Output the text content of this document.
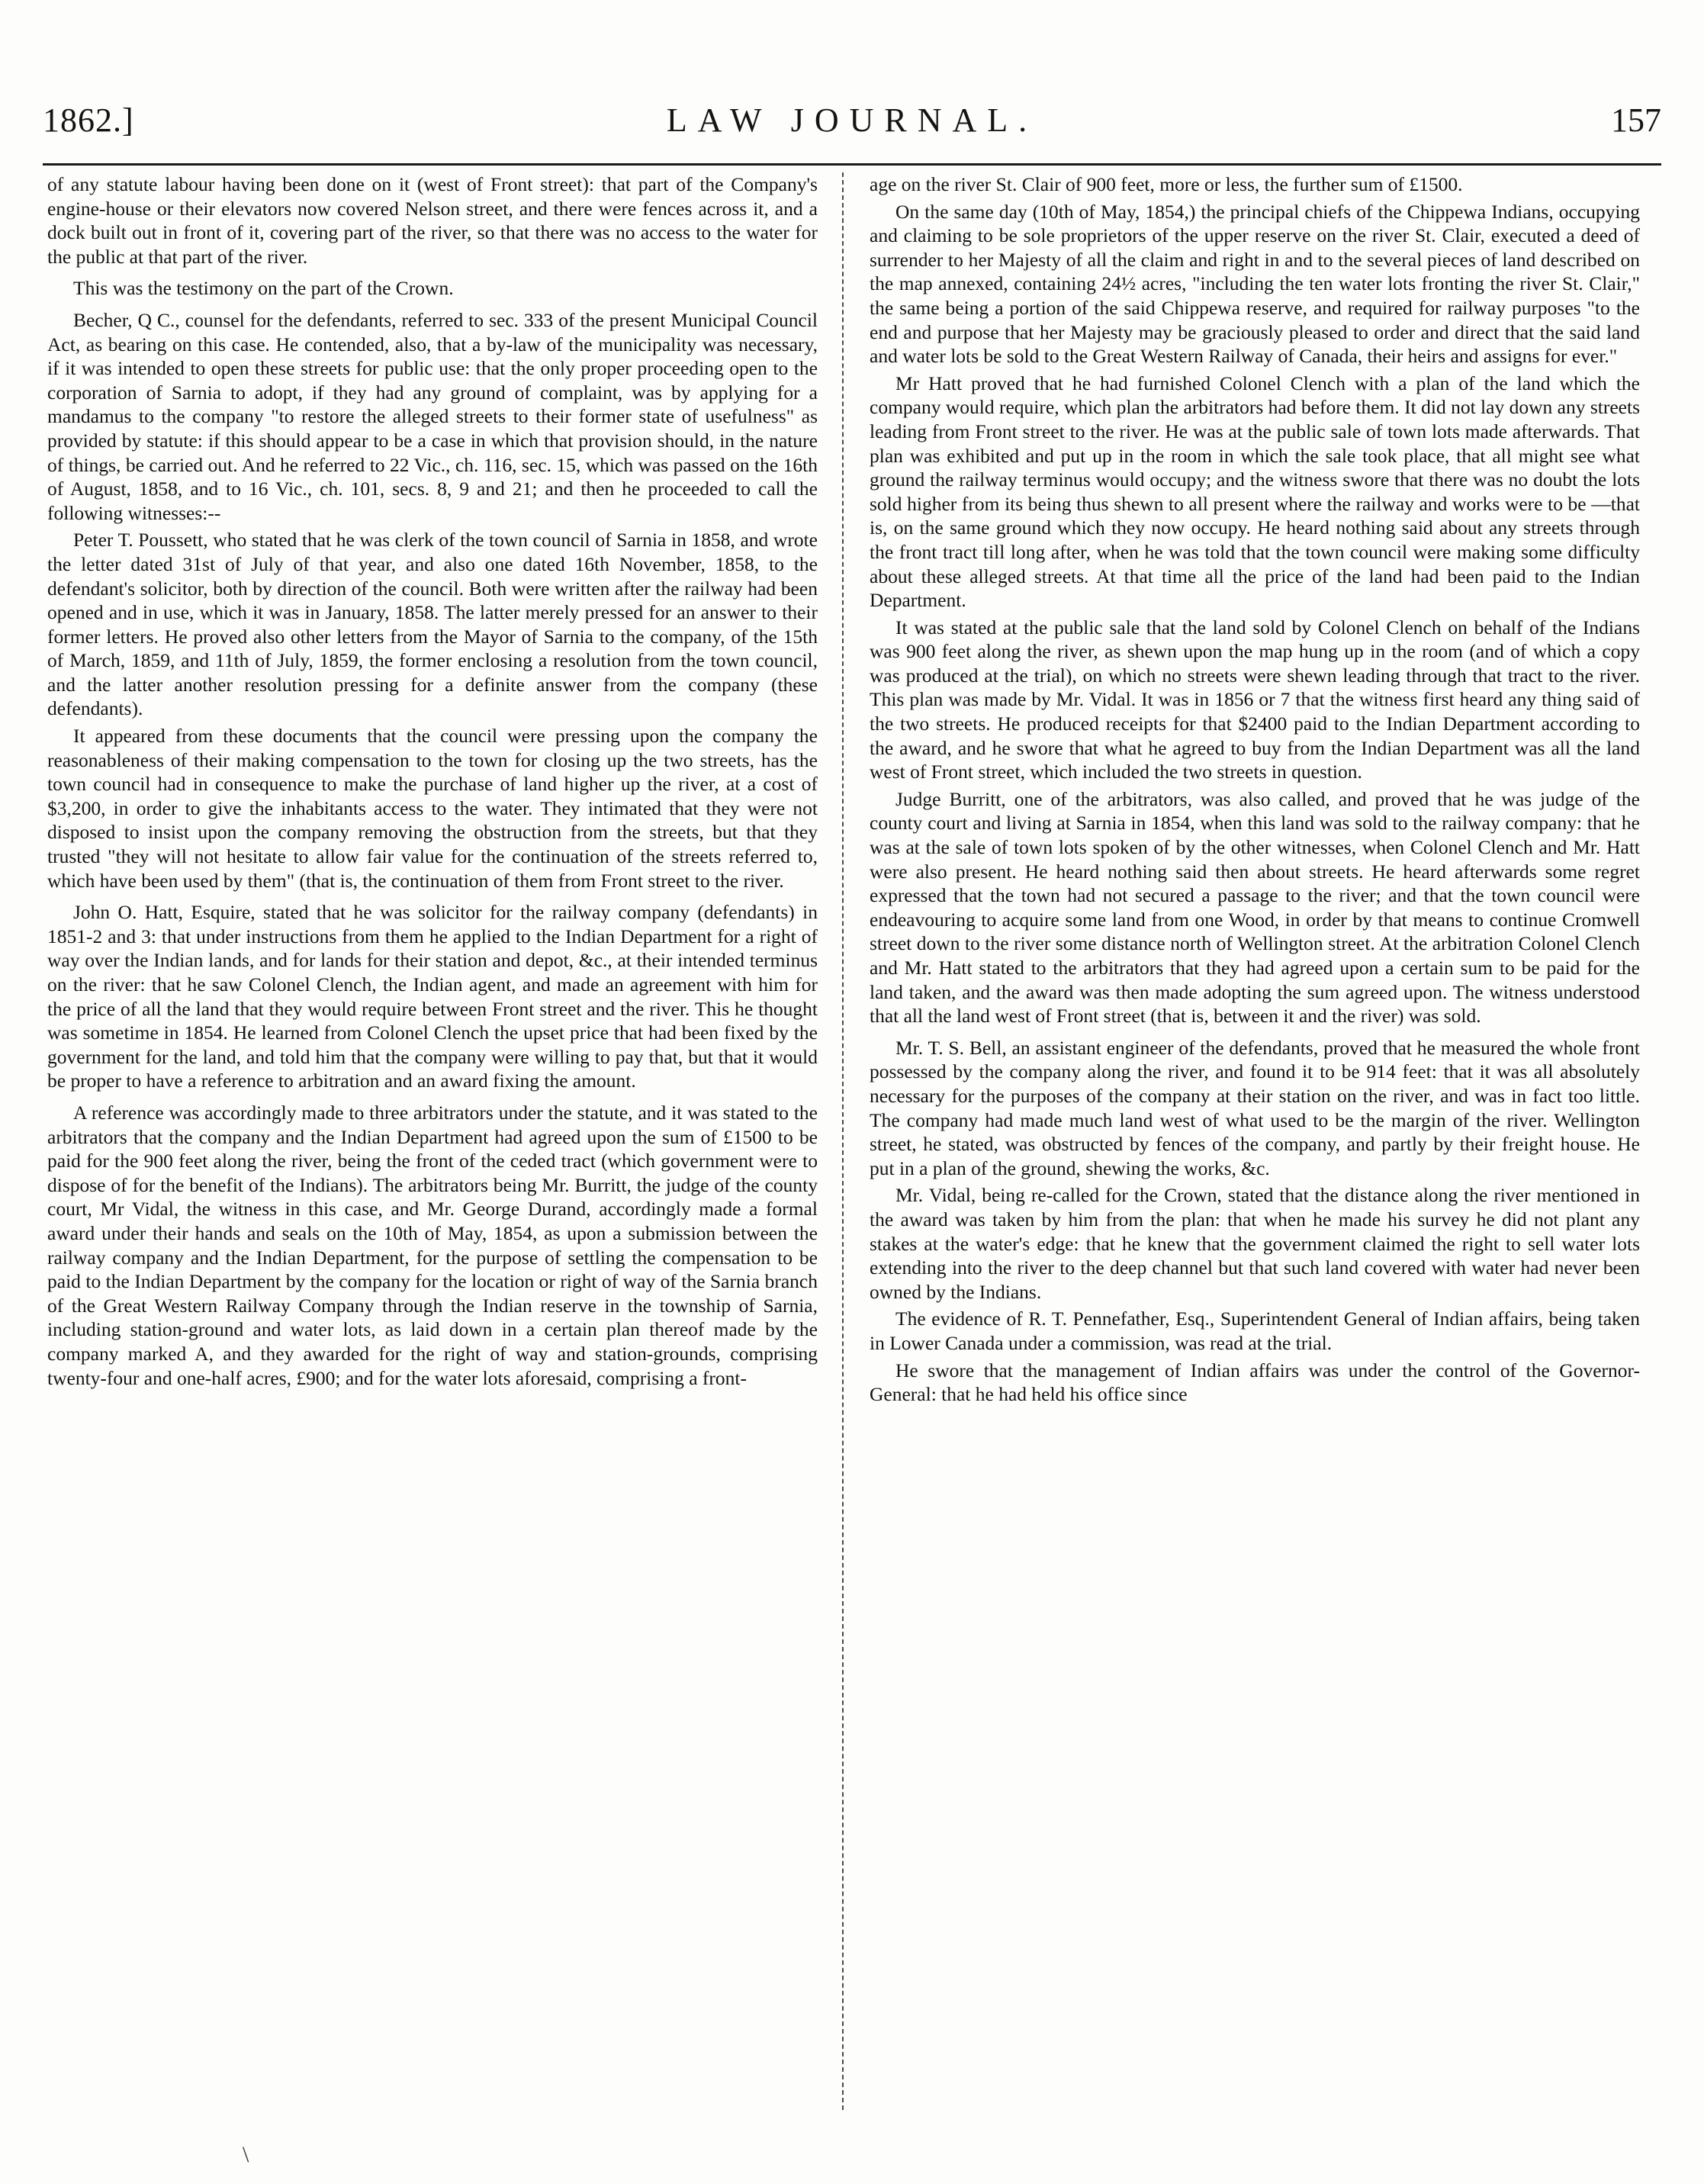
1862.]	LAW JOURNAL.	157

of any statute labour having been done on it (west of Front street): that part of the Company's engine-house or their elevators now covered Nelson street, and there were fences across it, and a dock built out in front of it, covering part of the river, so that there was no access to the water for the public at that part of the river.

This was the testimony on the part of the Crown.

Becher, Q C., counsel for the defendants, referred to sec. 333 of the present Municipal Council Act, as bearing on this case. He contended, also, that a by-law of the municipality was necessary, if it was intended to open these streets for public use: that the only proper proceeding open to the corporation of Sarnia to adopt, if they had any ground of complaint, was by applying for a mandamus to the company "to restore the alleged streets to their former state of usefulness" as provided by statute: if this should appear to be a case in which that provision should, in the nature of things, be carried out. And he referred to 22 Vic., ch. 116, sec. 15, which was passed on the 16th of August, 1858, and to 16 Vic., ch. 101, secs. 8, 9 and 21; and then he proceeded to call the following witnesses:--

Peter T. Poussett, who stated that he was clerk of the town council of Sarnia in 1858, and wrote the letter dated 31st of July of that year, and also one dated 16th November, 1858, to the defendant's solicitor, both by direction of the council. Both were written after the railway had been opened and in use, which it was in January, 1858. The latter merely pressed for an answer to their former letters. He proved also other letters from the Mayor of Sarnia to the company, of the 15th of March, 1859, and 11th of July, 1859, the former enclosing a resolution from the town council, and the latter another resolution pressing for a definite answer from the company (these defendants).

It appeared from these documents that the council were pressing upon the company the reasonableness of their making compensation to the town for closing up the two streets, has the town council had in consequence to make the purchase of land higher up the river, at a cost of $3,200, in order to give the inhabitants access to the water. They intimated that they were not disposed to insist upon the company removing the obstruction from the streets, but that they trusted "they will not hesitate to allow fair value for the continuation of the streets referred to, which have been used by them" (that is, the continuation of them from Front street to the river.

John O. Hatt, Esquire, stated that he was solicitor for the railway company (defendants) in 1851-2 and 3: that under instructions from them he applied to the Indian Department for a right of way over the Indian lands, and for lands for their station and depot, &c., at their intended terminus on the river: that he saw Colonel Clench, the Indian agent, and made an agreement with him for the price of all the land that they would require between Front street and the river. This he thought was sometime in 1854. He learned from Colonel Clench the upset price that had been fixed by the government for the land, and told him that the company were willing to pay that, but that it would be proper to have a reference to arbitration and an award fixing the amount.

A reference was accordingly made to three arbitrators under the statute, and it was stated to the arbitrators that the company and the Indian Department had agreed upon the sum of £1500 to be paid for the 900 feet along the river, being the front of the ceded tract (which government were to dispose of for the benefit of the Indians). The arbitrators being Mr. Burritt, the judge of the county court, Mr Vidal, the witness in this case, and Mr. George Durand, accordingly made a formal award under their hands and seals on the 10th of May, 1854, as upon a submission between the railway company and the Indian Department, for the purpose of settling the compensation to be paid to the Indian Department by the company for the location or right of way of the Sarnia branch of the Great Western Railway Company through the Indian reserve in the township of Sarnia, including station-ground and water lots, as laid down in a certain plan thereof made by the company marked A, and they awarded for the right of way and station-grounds, comprising twenty-four and one-half acres, £900; and for the water lots aforesaid, comprising a front-

age on the river St. Clair of 900 feet, more or less, the further sum of £1500.

On the same day (10th of May, 1854,) the principal chiefs of the Chippewa Indians, occupying and claiming to be sole proprietors of the upper reserve on the river St. Clair, executed a deed of surrender to her Majesty of all the claim and right in and to the several pieces of land described on the map annexed, containing 24½ acres, "including the ten water lots fronting the river St. Clair," the same being a portion of the said Chippewa reserve, and required for railway purposes "to the end and purpose that her Majesty may be graciously pleased to order and direct that the said land and water lots be sold to the Great Western Railway of Canada, their heirs and assigns for ever."

Mr Hatt proved that he had furnished Colonel Clench with a plan of the land which the company would require, which plan the arbitrators had before them. It did not lay down any streets leading from Front street to the river. He was at the public sale of town lots made afterwards. That plan was exhibited and put up in the room in which the sale took place, that all might see what ground the railway terminus would occupy; and the witness swore that there was no doubt the lots sold higher from its being thus shewn to all present where the railway and works were to be —that is, on the same ground which they now occupy. He heard nothing said about any streets through the front tract till long after, when he was told that the town council were making some difficulty about these alleged streets. At that time all the price of the land had been paid to the Indian Department.

It was stated at the public sale that the land sold by Colonel Clench on behalf of the Indians was 900 feet along the river, as shewn upon the map hung up in the room (and of which a copy was produced at the trial), on which no streets were shewn leading through that tract to the river. This plan was made by Mr. Vidal. It was in 1856 or 7 that the witness first heard any thing said of the two streets. He produced receipts for that $2400 paid to the Indian Department according to the award, and he swore that what he agreed to buy from the Indian Department was all the land west of Front street, which included the two streets in question.

Judge Burritt, one of the arbitrators, was also called, and proved that he was judge of the county court and living at Sarnia in 1854, when this land was sold to the railway company: that he was at the sale of town lots spoken of by the other witnesses, when Colonel Clench and Mr. Hatt were also present. He heard nothing said then about streets. He heard afterwards some regret expressed that the town had not secured a passage to the river; and that the town council were endeavouring to acquire some land from one Wood, in order by that means to continue Cromwell street down to the river some distance north of Wellington street. At the arbitration Colonel Clench and Mr. Hatt stated to the arbitrators that they had agreed upon a certain sum to be paid for the land taken, and the award was then made adopting the sum agreed upon. The witness understood that all the land west of Front street (that is, between it and the river) was sold.

Mr. T. S. Bell, an assistant engineer of the defendants, proved that he measured the whole front possessed by the company along the river, and found it to be 914 feet: that it was all absolutely necessary for the purposes of the company at their station on the river, and was in fact too little. The company had made much land west of what used to be the margin of the river. Wellington street, he stated, was obstructed by fences of the company, and partly by their freight house. He put in a plan of the ground, shewing the works, &c.

Mr. Vidal, being re-called for the Crown, stated that the distance along the river mentioned in the award was taken by him from the plan: that when he made his survey he did not plant any stakes at the water's edge: that he knew that the government claimed the right to sell water lots extending into the river to the deep channel but that such land covered with water had never been owned by the Indians.

The evidence of R. T. Pennefather, Esq., Superintendent General of Indian affairs, being taken in Lower Canada under a commission, was read at the trial.

He swore that the management of Indian affairs was under the control of the Governor-General: that he had held his office since

\
